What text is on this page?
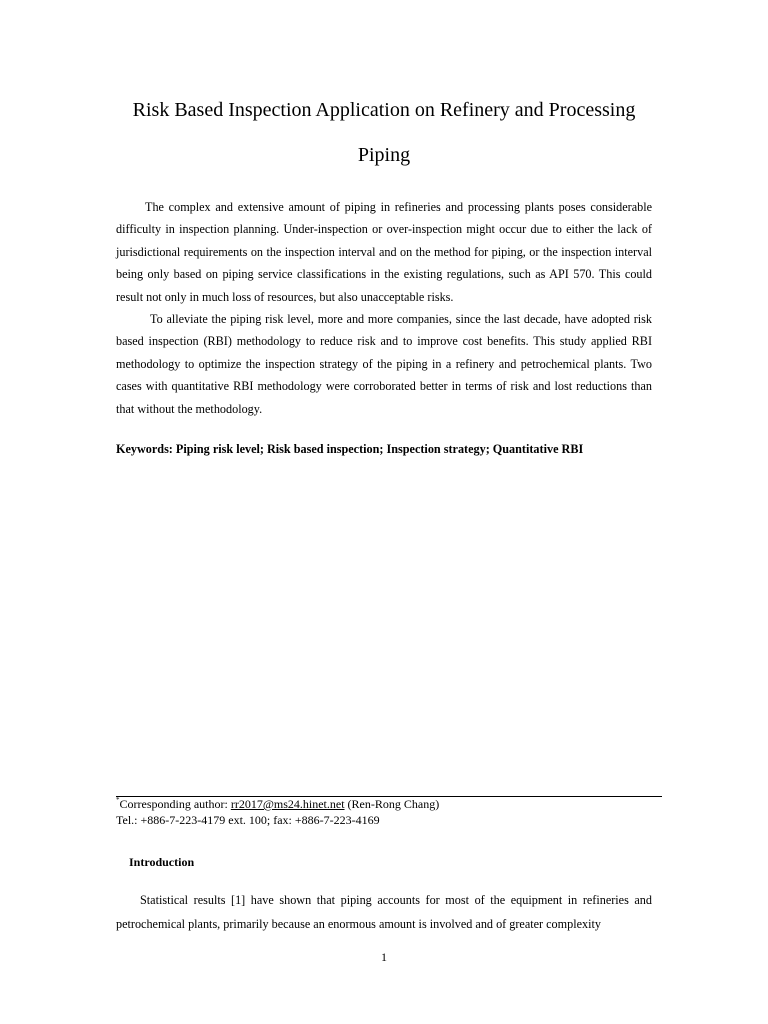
Risk Based Inspection Application on Refinery and Processing
Piping

The complex and extensive amount of piping in refineries and processing plants poses considerable difficulty in inspection planning. Under-inspection or over-inspection might occur due to either the lack of jurisdictional requirements on the inspection interval and on the method for piping, or the inspection interval being only based on piping service classifications in the existing regulations, such as API 570. This could result not only in much loss of resources, but also unacceptable risks.

To alleviate the piping risk level, more and more companies, since the last decade, have adopted risk based inspection (RBI) methodology to reduce risk and to improve cost benefits. This study applied RBI methodology to optimize the inspection strategy of the piping in a refinery and petrochemical plants. Two cases with quantitative RBI methodology were corroborated better in terms of risk and lost reductions than that without the methodology.

Keywords: Piping risk level; Risk based inspection; Inspection strategy; Quantitative RBI

*Corresponding author: rr2017@ms24.hinet.net (Ren-Rong Chang)
Tel.: +886-7-223-4179 ext. 100; fax: +886-7-223-4169
Introduction

Statistical results [1] have shown that piping accounts for most of the equipment in refineries and petrochemical plants, primarily because an enormous amount is involved and of greater complexity

1
